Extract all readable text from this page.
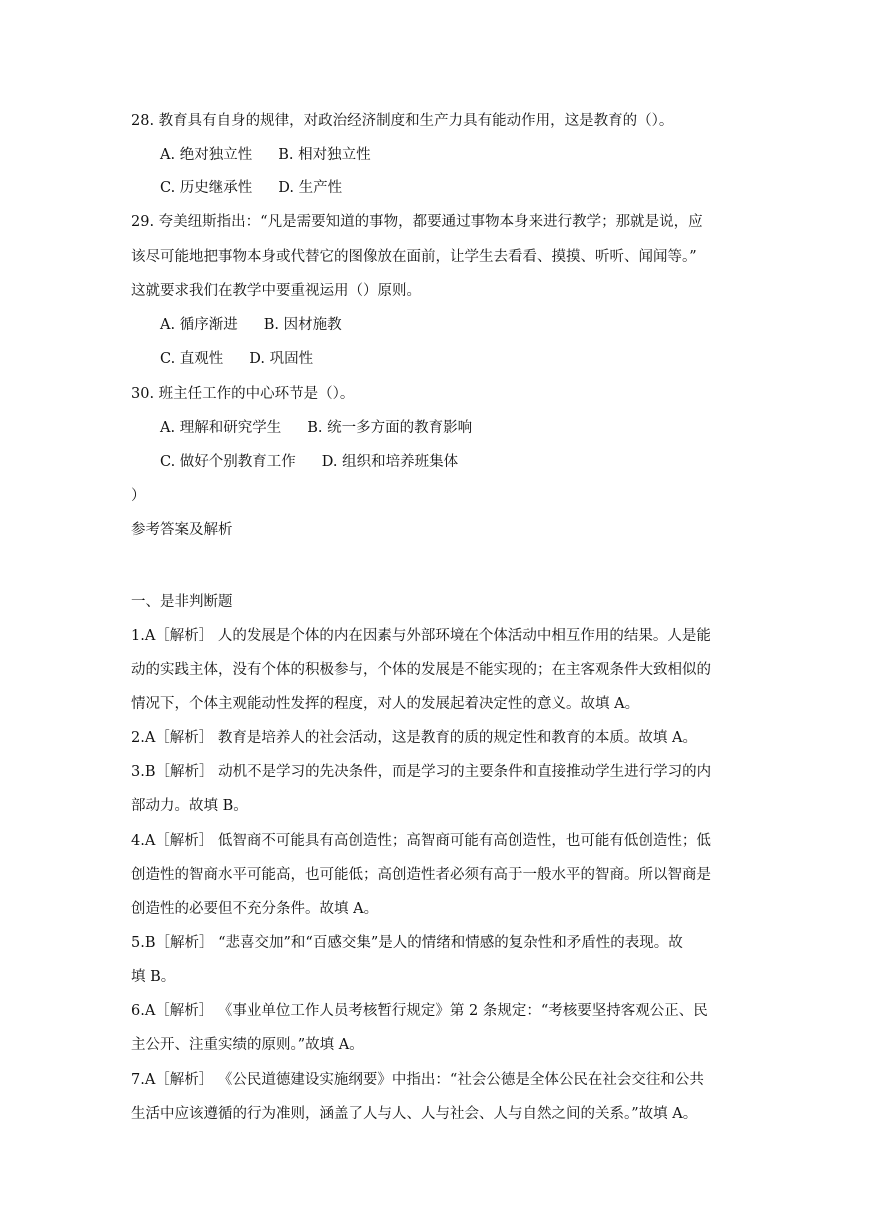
28. 教育具有自身的规律，对政治经济制度和生产力具有能动作用，这是教育的（）。
A. 绝对独立性 B. 相对独立性
C. 历史继承性 D. 生产性
29. 夸美纽斯指出：“凡是需要知道的事物，都要通过事物本身来进行教学；那就是说，应
该尽可能地把事物本身或代替它的图像放在面前，让学生去看看、摸摸、听听、闻闻等。”
这就要求我们在教学中要重视运用（）原则。
A. 循序渐进 B. 因材施教
C. 直观性 D. 巩固性
30. 班主任工作的中心环节是（）。
A. 理解和研究学生 B. 统一多方面的教育影响
C. 做好个别教育工作 D. 组织和培养班集体
）
参考答案及解析
一、是非判断题
1.A［解析］ 人的发展是个体的内在因素与外部环境在个体活动中相互作用的结果。人是能
动的实践主体，没有个体的积极参与，个体的发展是不能实现的；在主客观条件大致相似的
情况下，个体主观能动性发挥的程度，对人的发展起着决定性的意义。故填 A。
2.A［解析］ 教育是培养人的社会活动，这是教育的质的规定性和教育的本质。故填 A。
3.B［解析］ 动机不是学习的先决条件，而是学习的主要条件和直接推动学生进行学习的内
部动力。故填 B。
4.A［解析］ 低智商不可能具有高创造性；高智商可能有高创造性，也可能有低创造性；低
创造性的智商水平可能高，也可能低；高创造性者必须有高于一般水平的智商。所以智商是
创造性的必要但不充分条件。故填 A。
5.B［解析］ “悲喜交加”和“百感交集”是人的情绪和情感的复杂性和矛盾性的表现。故
填 B。
6.A［解析］ 《事业单位工作人员考核暂行规定》第 2 条规定：“考核要坚持客观公正、民
主公开、注重实绩的原则。”故填 A。
7.A［解析］ 《公民道德建设实施纲要》中指出：“社会公德是全体公民在社会交往和公共
生活中应该遵循的行为准则，涵盖了人与人、人与社会、人与自然之间的关系。”故填 A。
